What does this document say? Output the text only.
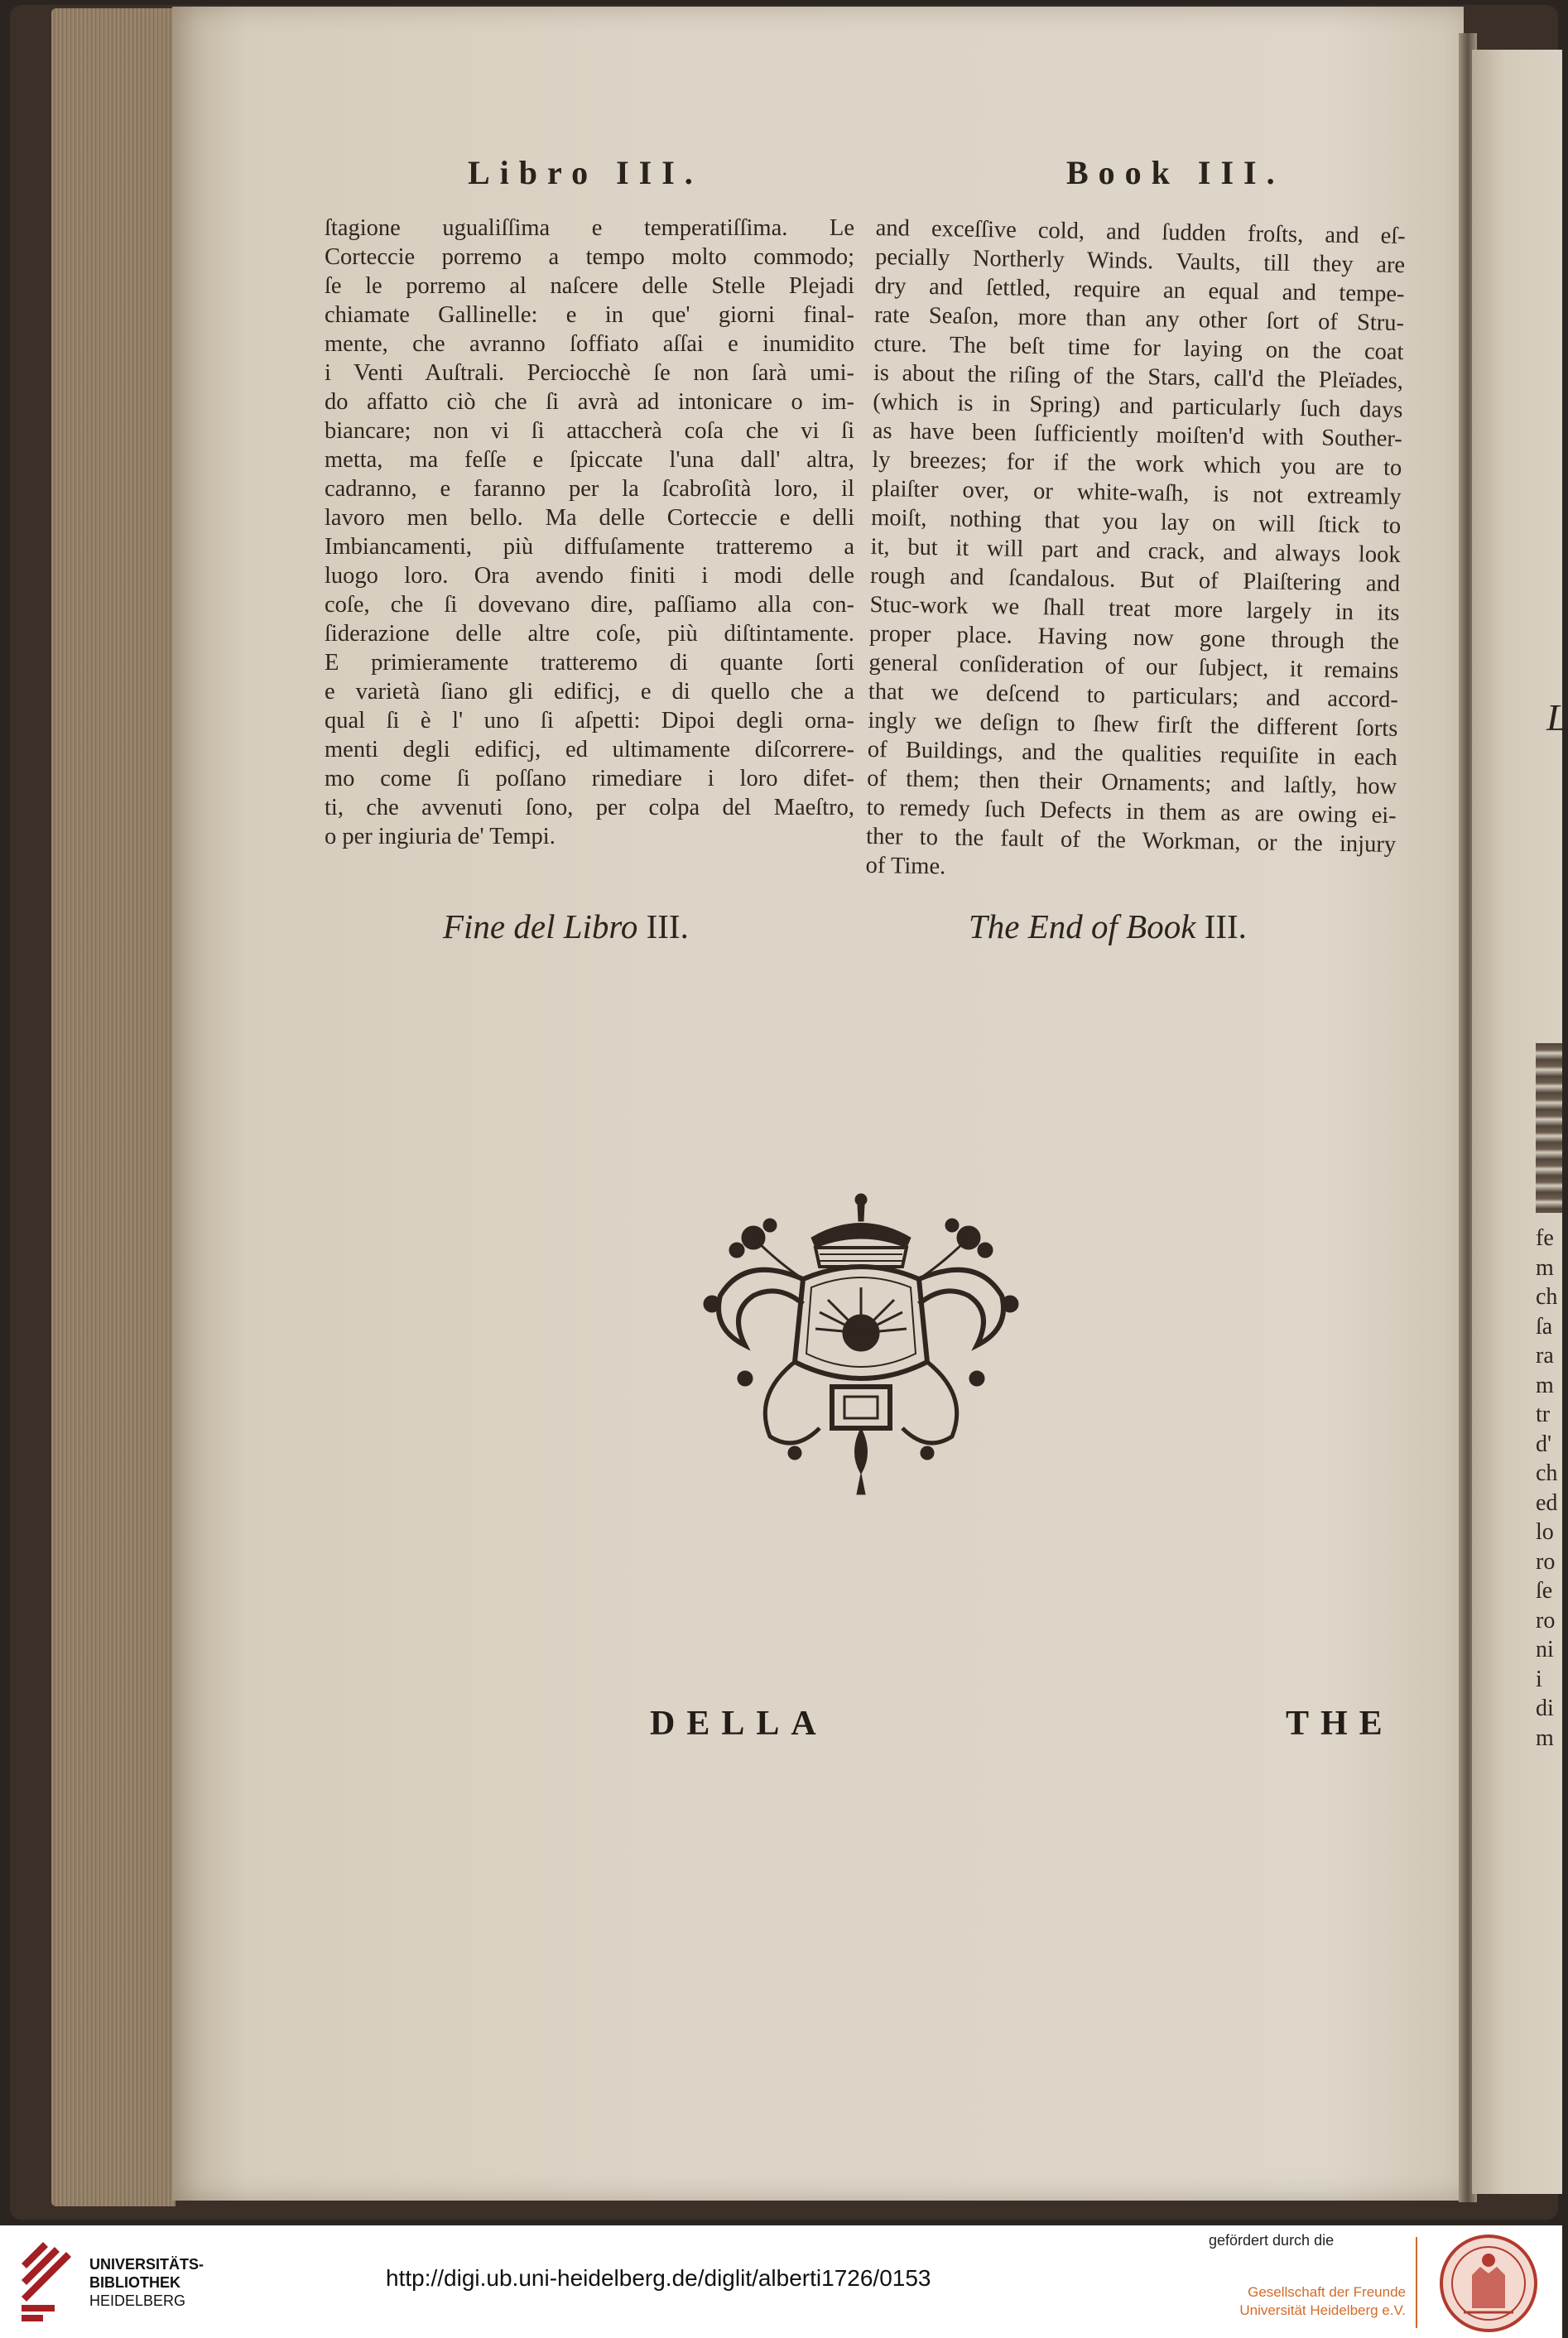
Libro III.	Book III.
ſtagione ugualiſſima e temperatiſſima. Le
Corteccie porremo a tempo molto commodo;
ſe le porremo al naſcere delle Stelle Plejadi
chiamate Gallinelle: e in que' giorni final-
mente, che avranno ſoffiato aſſai e inumidito
i Venti Auſtrali. Perciocchè ſe non ſarà umi-
do affatto ciò che ſi avrà ad intonicare o im-
biancare; non vi ſi attaccherà coſa che vi ſi
metta, ma feſſe e ſpiccate l'una dall' altra,
cadranno, e faranno per la ſcabroſità loro, il
lavoro men bello. Ma delle Corteccie e delli
Imbiancamenti, più diffuſamente tratteremo a
luogo loro. Ora avendo finiti i modi delle
coſe, che ſi dovevano dire, paſſiamo alla con-
ſiderazione delle altre coſe, più diſtintamente.
E primieramente tratteremo di quante ſorti
e varietà ſiano gli edificj, e di quello che a
qual ſi è l' uno ſi aſpetti: Dipoi degli orna-
menti degli edificj, ed ultimamente diſcorrere-
mo come ſi poſſano rimediare i loro difet-
ti, che avvenuti ſono, per colpa del Maeſtro,
o per ingiuria de' Tempi.
and exceſſive cold, and ſudden froſts, and eſ-
pecially Northerly Winds. Vaults, till they are
dry and ſettled, require an equal and tempe-
rate Seaſon, more than any other ſort of Stru-
cture. The beſt time for laying on the coat
is about the riſing of the Stars, call'd the Pleïades,
(which is in Spring) and particularly ſuch days
as have been ſufficiently moiſten'd with Souther-
ly breezes; for if the work which you are to
plaiſter over, or white-waſh, is not extreamly
moiſt, nothing that you lay on will ſtick to
it, but it will part and crack, and always look
rough and ſcandalous. But of Plaiſtering and
Stuc-work we ſhall treat more largely in its
proper place. Having now gone through the
general conſideration of our ſubject, it remains
that we deſcend to particulars; and accord-
ingly we deſign to ſhew firſt the different ſorts
of Buildings, and the qualities requiſite in each
of them; then their Ornaments; and laſtly, how
to remedy ſuch Defects in them as are owing ei-
ther to the fault of the Workman, or the injury
of Time.
Fine del Libro III.	The End of Book III.
DELLA	THE
L
fe
m
ch
ſa
ra
m
tr
d'
ch
ed
lo
ro
ſe
ro
ni
i
di
m
UNIVERSITÄTS-
BIBLIOTHEK
HEIDELBERG
http://digi.ub.uni-heidelberg.de/diglit/alberti1726/0153
gefördert durch die
Gesellschaft der Freunde
Universität Heidelberg e.V.
